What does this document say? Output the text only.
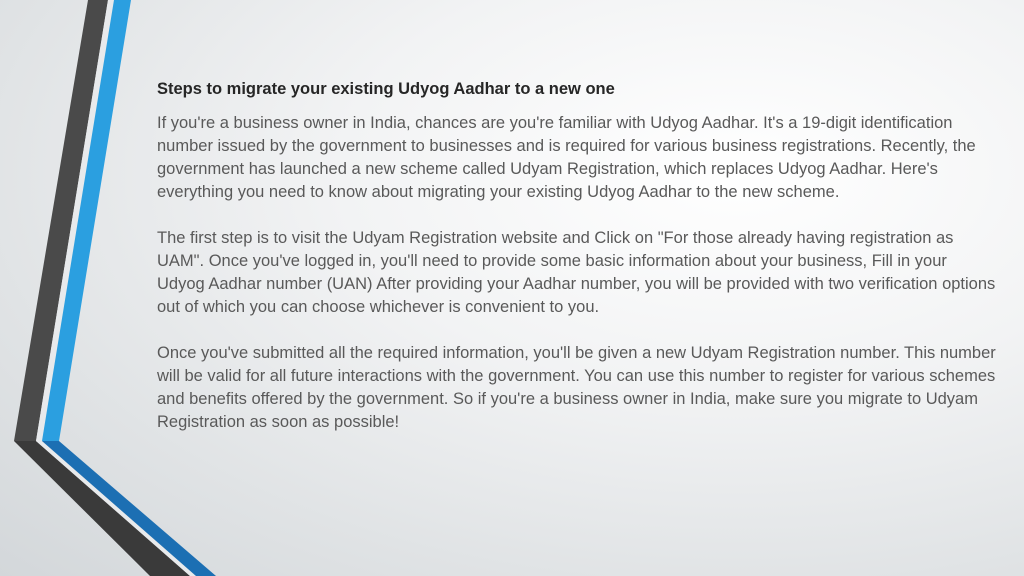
Steps to migrate your existing Udyog Aadhar to a new one

If you're a business owner in India, chances are you're familiar with Udyog Aadhar. It's a 19-digit identification number issued by the government to businesses and is required for various business registrations. Recently, the government has launched a new scheme called Udyam Registration, which replaces Udyog Aadhar. Here's everything you need to know about migrating your existing Udyog Aadhar to the new scheme.

The first step is to visit the Udyam Registration website and Click on "For those already having registration as UAM". Once you've logged in, you'll need to provide some basic information about your business, Fill in your Udyog Aadhar number (UAN) After providing your Aadhar number, you will be provided with two verification options out of which you can choose whichever is convenient to you.

Once you've submitted all the required information, you'll be given a new Udyam Registration number. This number will be valid for all future interactions with the government. You can use this number to register for various schemes and benefits offered by the government. So if you're a business owner in India, make sure you migrate to Udyam Registration as soon as possible!
